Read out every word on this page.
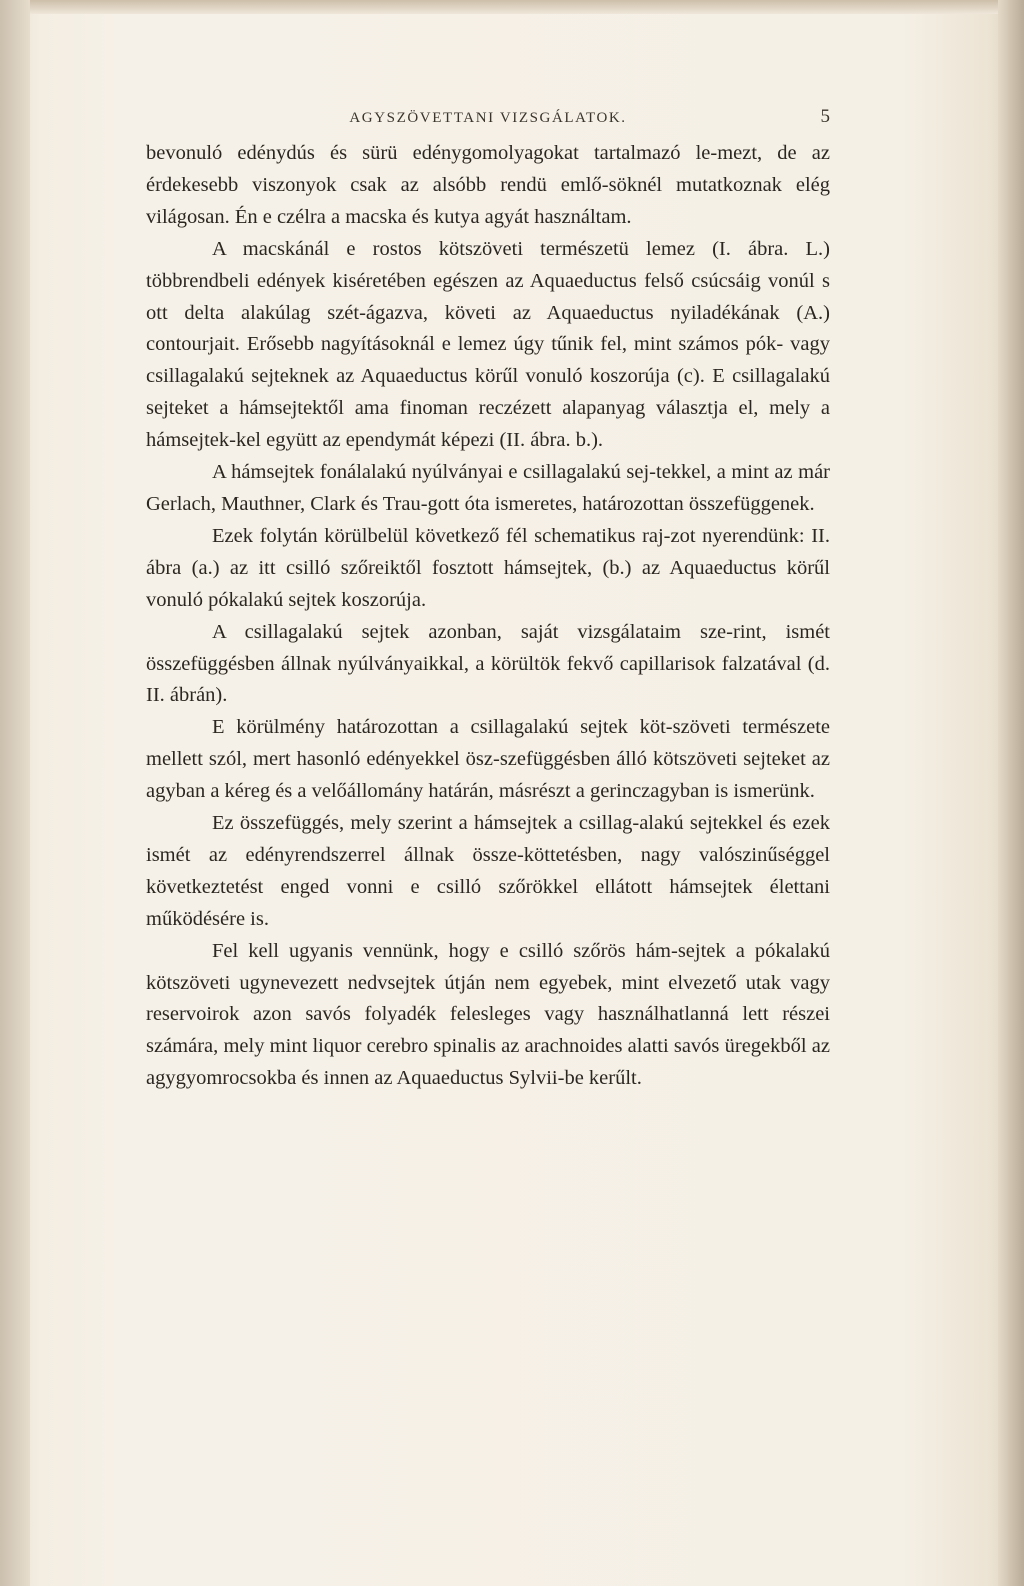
AGYSZÖVETTANI VIZSGÁLATOK.	5

bevonuló edénydús és sürü edénygomolyagokat tartalmazó le-mezt, de az érdekesebb viszonyok csak az alsóbb rendü emlő-söknél mutatkoznak elég világosan. Én e czélra a macska és kutya agyát használtam.

A macskánál e rostos kötszöveti természetü lemez (I. ábra. L.) többrendbeli edények kiséretében egészen az Aquaeductus felső csúcsáig vonúl s ott delta alakúlag szét-ágazva, követi az Aquaeductus nyiladékának (A.) contourjait. Erősebb nagyításoknál e lemez úgy tűnik fel, mint számos pók- vagy csillagalakú sejteknek az Aquaeductus körűl vonuló koszorúja (c). E csillagalakú sejteket a hámsejtektől ama finoman reczézett alapanyag választja el, mely a hámsejtek-kel együtt az ependymát képezi (II. ábra. b.).

A hámsejtek fonálalakú nyúlványai e csillagalakú sej-tekkel, a mint az már Gerlach, Mauthner, Clark és Trau-gott óta ismeretes, határozottan összefüggenek.

Ezek folytán körülbelül következő fél schematikus raj-zot nyerendünk: II. ábra (a.) az itt csilló szőreiktől fosztott hámsejtek, (b.) az Aquaeductus körűl vonuló pókalakú sejtek koszorúja.

A csillagalakú sejtek azonban, saját vizsgálataim sze-rint, ismét összefüggésben állnak nyúlványaikkal, a körültök fekvő capillarisok falzatával (d. II. ábrán).

E körülmény határozottan a csillagalakú sejtek köt-szöveti természete mellett szól, mert hasonló edényekkel ösz-szefüggésben álló kötszöveti sejteket az agyban a kéreg és a velőállomány határán, másrészt a gerinczagyban is ismerünk.

Ez összefüggés, mely szerint a hámsejtek a csillag-alakú sejtekkel és ezek ismét az edényrendszerrel állnak össze-köttetésben, nagy valószinűséggel következtetést enged vonni e csilló szőrökkel ellátott hámsejtek élettani működésére is.

Fel kell ugyanis vennünk, hogy e csilló szőrös hám-sejtek a pókalakú kötszöveti ugynevezett nedvsejtek útján nem egyebek, mint elvezető utak vagy reservoirok azon savós folyadék felesleges vagy használhatlanná lett részei számára, mely mint liquor cerebro spinalis az arachnoides alatti savós üregekből az agygyomrocsokba és innen az Aquaeductus Sylvii-be kerűlt.
